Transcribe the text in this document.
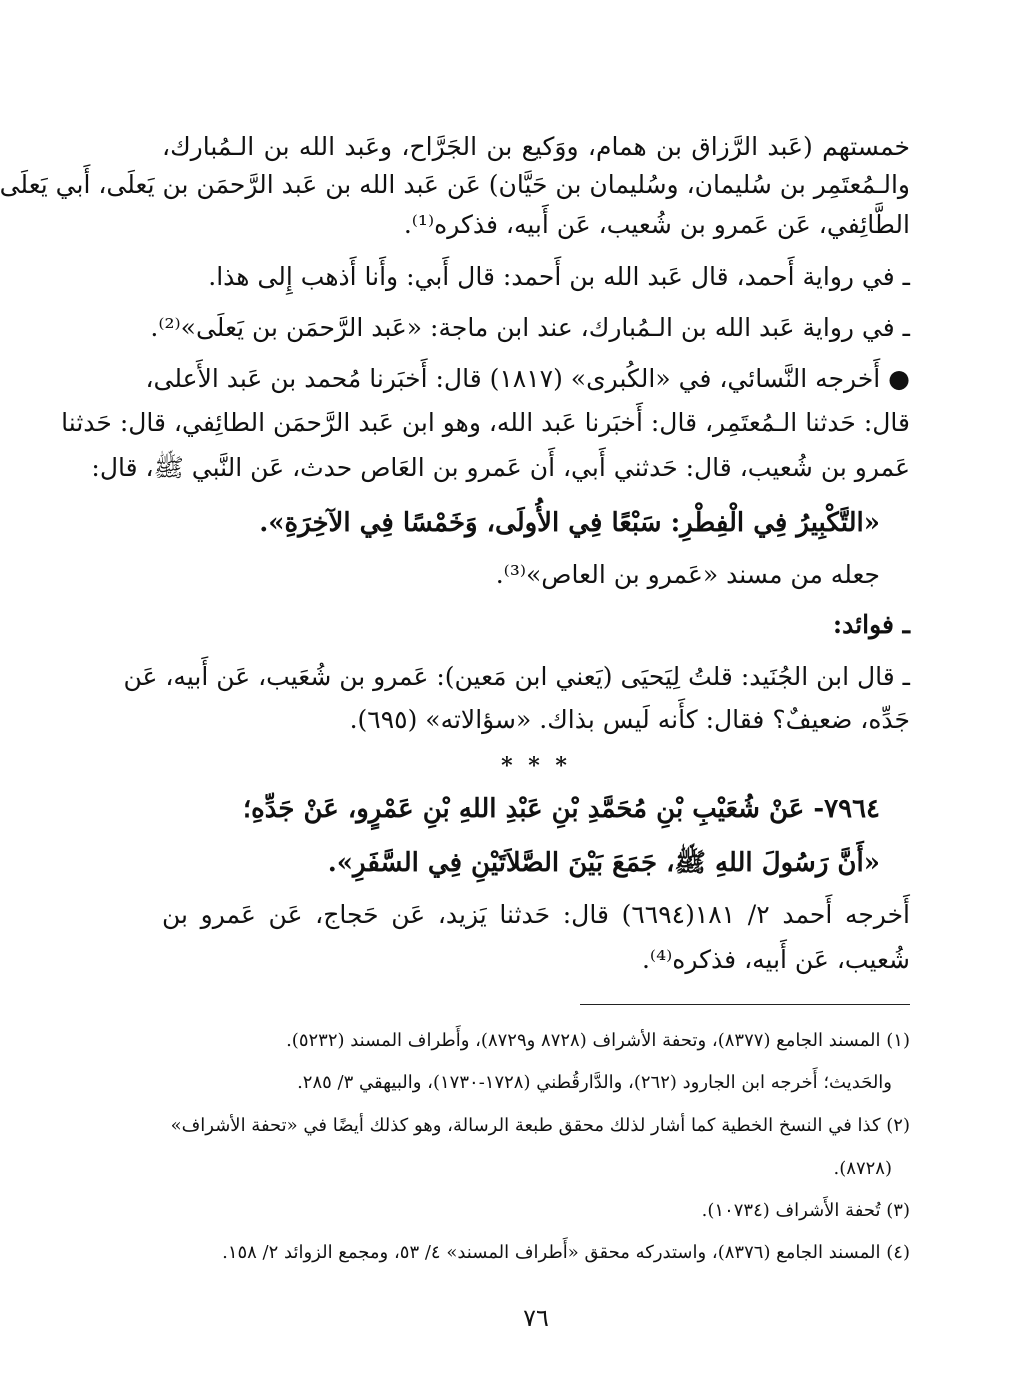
خمستهم (عَبد الرَّزاق بن همام، ووَكيع بن الجَرَّاح، وعَبد الله بن الـمُبارك،
والـمُعتَمِر بن سُليمان، وسُليمان بن حَيَّان) عَن عَبد الله بن عَبد الرَّحمَن بن يَعلَى، أَبي يَعلَى
الطَّائِفي، عَن عَمرو بن شُعيب، عَن أَبيه، فذكره⁽¹⁾.
ـ في رواية أَحمد، قال عَبد الله بن أَحمد: قال أَبي: وأَنا أَذهب إِلى هذا.
ـ في رواية عَبد الله بن الـمُبارك، عند ابن ماجة: «عَبد الرَّحمَن بن يَعلَى»⁽²⁾.
● أَخرجه النَّسائي، في «الكُبرى» (١٨١٧) قال: أَخبَرنا مُحمد بن عَبد الأَعلى،
قال: حَدثنا الـمُعتَمِر، قال: أَخبَرنا عَبد الله، وهو ابن عَبد الرَّحمَن الطائِفي، قال: حَدثنا
عَمرو بن شُعيب، قال: حَدثني أَبي، أَن عَمرو بن العَاص حدث، عَن النَّبي ﷺ، قال:
«التَّكْبِيرُ فِي الْفِطْرِ: سَبْعًا فِي الأُولَى، وَخَمْسًا فِي الآخِرَةِ».
جعله من مسند «عَمرو بن العاص»⁽³⁾.
ـ فوائد:
ـ قال ابن الجُنَيد: قلتُ لِيَحيَى (يَعني ابن مَعين): عَمرو بن شُعَيب، عَن أَبيه، عَن
جَدِّه، ضعيفٌ؟ فقال: كأَنه لَيس بذاك. «سؤالاته» (٦٩٥).
* * *
٧٩٦٤- عَنْ شُعَيْبِ بْنِ مُحَمَّدِ بْنِ عَبْدِ اللهِ بْنِ عَمْرٍو، عَنْ جَدِّهِ؛
«أَنَّ رَسُولَ اللهِ ﷺ، جَمَعَ بَيْنَ الصَّلاَتَيْنِ فِي السَّفَرِ».
أَخرجه أَحمد ٢/ ١٨١(٦٦٩٤) قال: حَدثنا يَزيد، عَن حَجاج، عَن عَمرو بن
شُعيب، عَن أَبيه، فذكره⁽⁴⁾.
(١) المسند الجامع (٨٣٧٧)، وتحفة الأشراف (٨٧٢٨ و٨٧٢٩)، وأَطراف المسند (٥٢٣٢).
والحَديث؛ أَخرجه ابن الجارود (٢٦٢)، والدَّارقُطني (١٧٢٨-١٧٣٠)، والبيهقي ٣/ ٢٨٥.
(٢) كذا في النسخ الخطية كما أشار لذلك محقق طبعة الرسالة، وهو كذلك أيضًا في «تحفة الأشراف»
(٨٧٢٨).
(٣) تُحفة الأَشراف (١٠٧٣٤).
(٤) المسند الجامع (٨٣٧٦)، واستدركه محقق «أَطراف المسند» ٤/ ٥٣، ومجمع الزوائد ٢/ ١٥٨.
٧٦
